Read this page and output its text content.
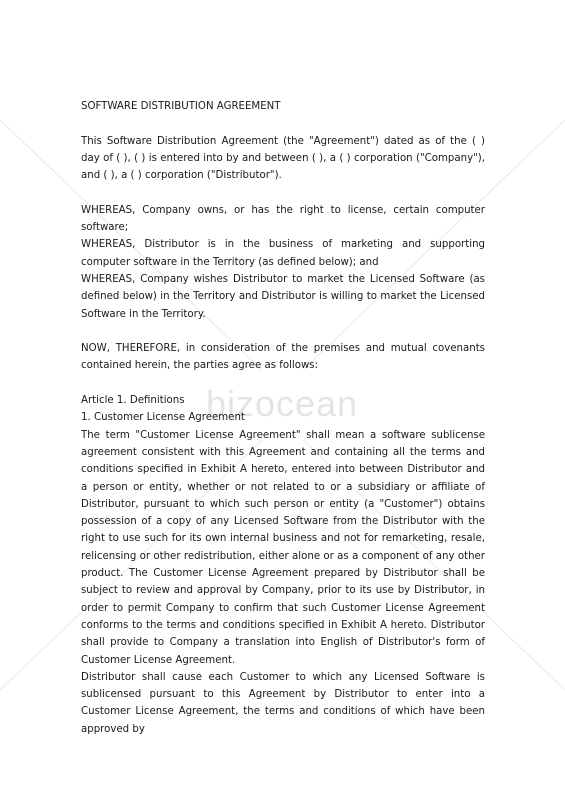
bizocean

SOFTWARE DISTRIBUTION AGREEMENT

This Software Distribution Agreement (the "Agreement") dated as of the ( ) day of ( ), ( ) is entered into by and between ( ), a ( ) corporation ("Company"), and ( ), a ( ) corporation ("Distributor").

WHEREAS, Company owns, or has the right to license, certain computer software;

WHEREAS, Distributor is in the business of marketing and supporting computer software in the Territory (as defined below); and

WHEREAS, Company wishes Distributor to market the Licensed Software (as defined below) in the Territory and Distributor is willing to market the Licensed Software in the Territory.

NOW, THEREFORE, in consideration of the premises and mutual covenants contained herein, the parties agree as follows:

Article 1. Definitions

1. Customer License Agreement

The term "Customer License Agreement" shall mean a software sublicense agreement consistent with this Agreement and containing all the terms and conditions specified in Exhibit A hereto, entered into between Distributor and a person or entity, whether or not related to or a subsidiary or affiliate of Distributor, pursuant to which such person or entity (a "Customer") obtains possession of a copy of any Licensed Software from the Distributor with the right to use such for its own internal business and not for remarketing, resale, relicensing or other redistribution, either alone or as a component of any other product. The Customer License Agreement prepared by Distributor shall be subject to review and approval by Company, prior to its use by Distributor, in order to permit Company to confirm that such Customer License Agreement conforms to the terms and conditions specified in Exhibit A hereto. Distributor shall provide to Company a translation into English of Distributor's form of Customer License Agreement.

Distributor shall cause each Customer to which any Licensed Software is sublicensed pursuant to this Agreement by Distributor to enter into a Customer License Agreement, the terms and conditions of which have been approved by
